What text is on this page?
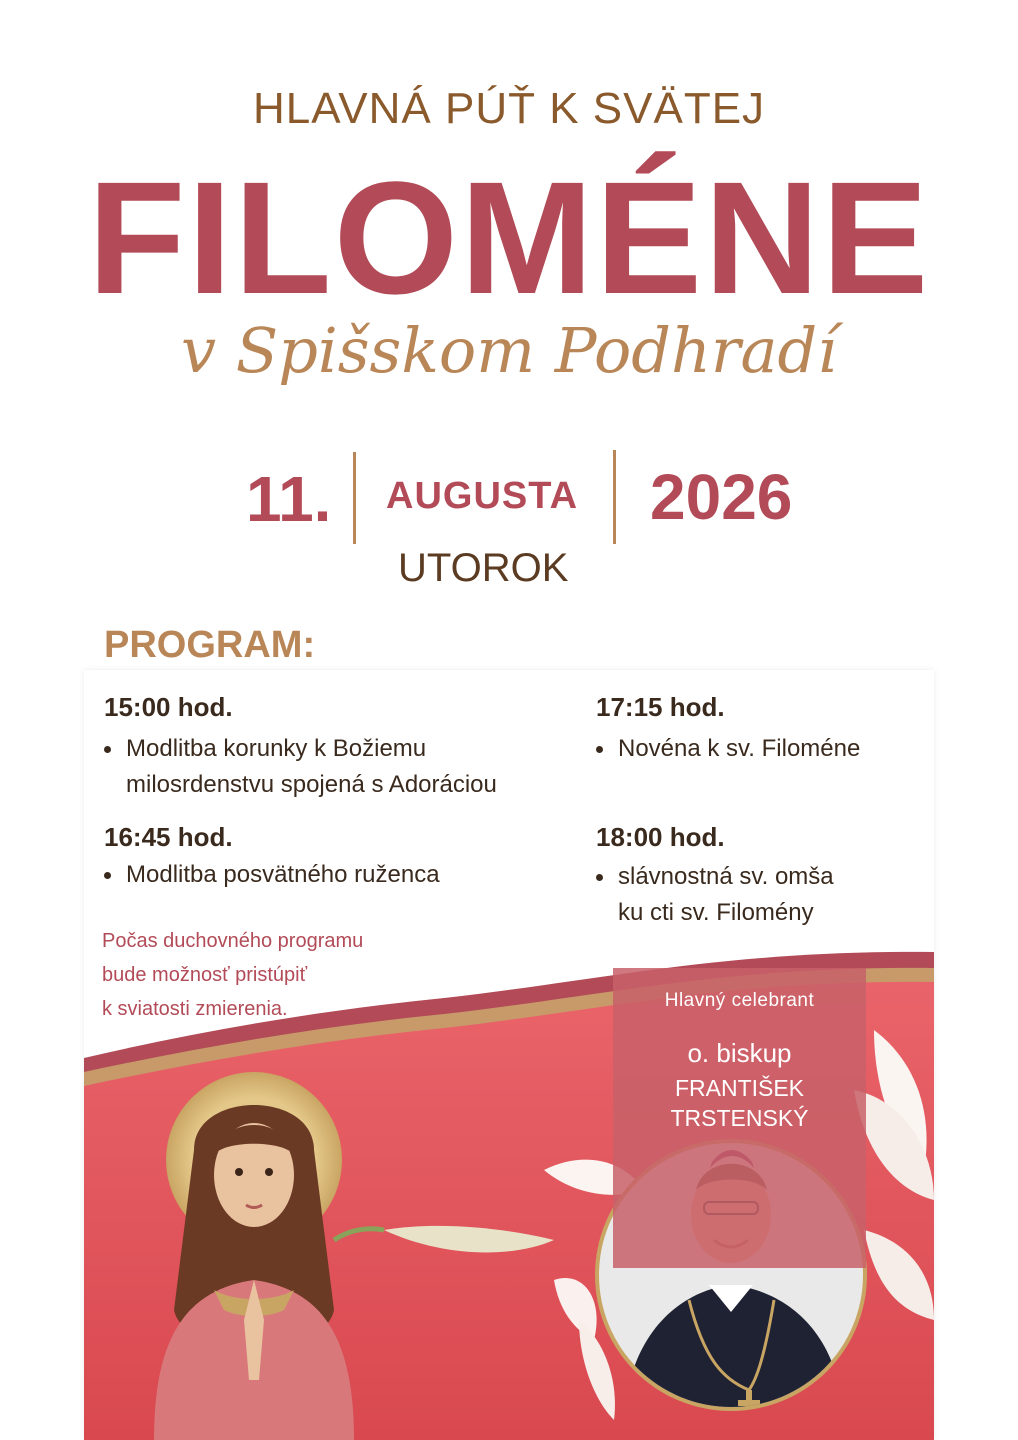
HLAVNÁ PÚŤ K SVÄTEJ
FILOMÉNE
v Spišskom Podhradí
11. AUGUSTA 2026
UTOROK
PROGRAM:
15:00 hod.
Modlitba korunky k Božiemu
milosrdenstvu spojená s Adoráciou
16:45 hod.
Modlitba posvätného ruženca
17:15 hod.
Novéna k sv. Filoméne
18:00 hod.
slávnostná sv. omša
ku cti sv. Filomény
Počas duchovného programu
bude možnosť pristúpiť
k sviatosti zmierenia.	Hlavný celebrant
o. biskup
FRANTIŠEK
TRSTENSKÝ
